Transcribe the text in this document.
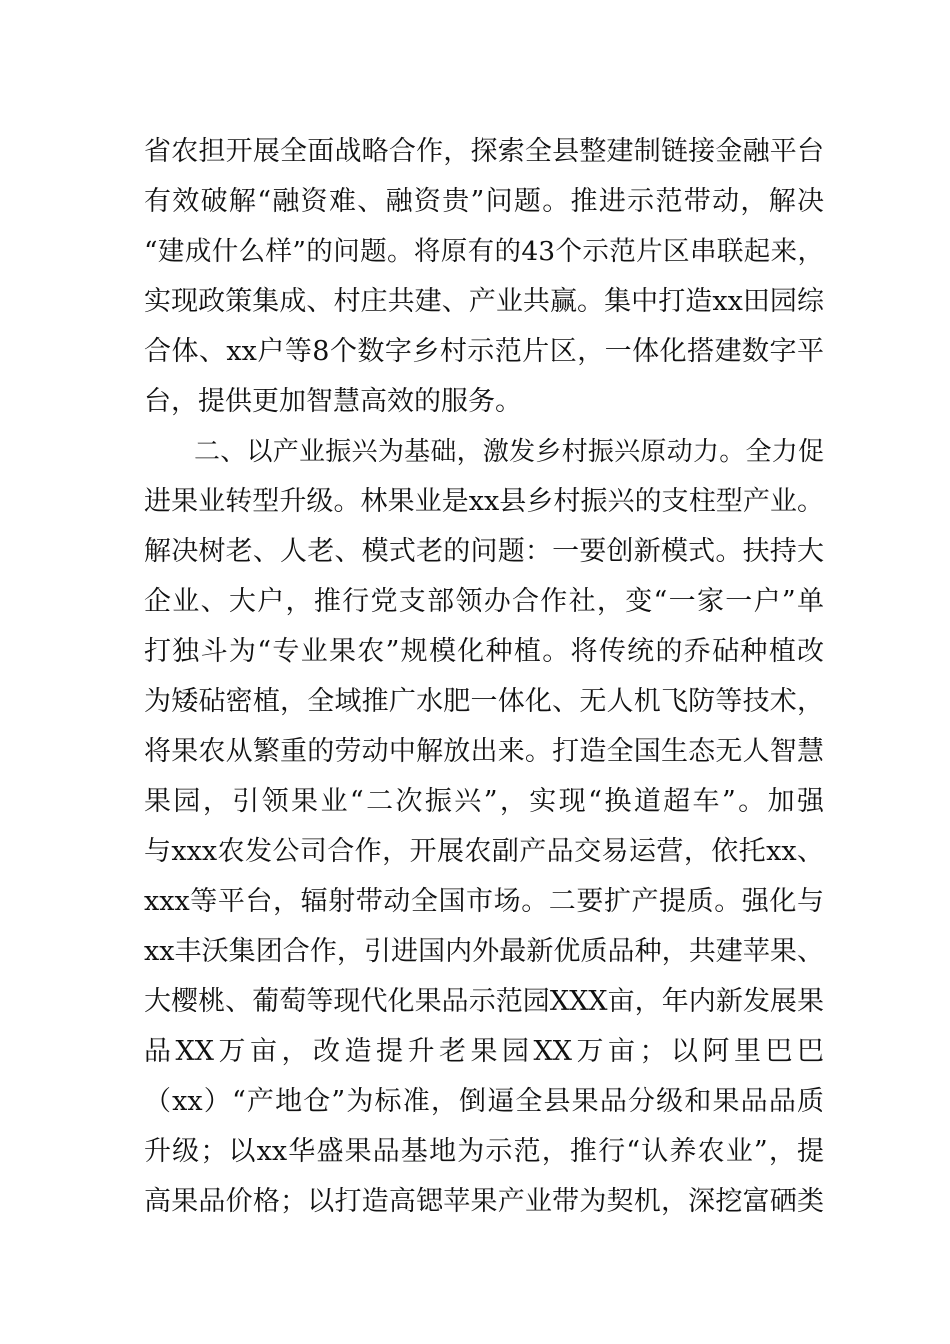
省农担开展全面战略合作，探索全县整建制链接金融平台
有效破解“融资难、融资贵”问题。推进示范带动，解决
“建成什么样”的问题。将原有的43个示范片区串联起来，
实现政策集成、村庄共建、产业共赢。集中打造xx田园综
合体、xx户等8个数字乡村示范片区，一体化搭建数字平
台，提供更加智慧高效的服务。
二、以产业振兴为基础，激发乡村振兴原动力。全力促
进果业转型升级。林果业是xx县乡村振兴的支柱型产业。
解决树老、人老、模式老的问题：一要创新模式。扶持大
企业、大户，推行党支部领办合作社，变“一家一户”单
打独斗为“专业果农”规模化种植。将传统的乔砧种植改
为矮砧密植，全域推广水肥一体化、无人机飞防等技术，
将果农从繁重的劳动中解放出来。打造全国生态无人智慧
果园，引领果业“二次振兴”，实现“换道超车”。加强
与xxx农发公司合作，开展农副产品交易运营，依托xx、
xxx等平台，辐射带动全国市场。二要扩产提质。强化与
xx丰沃集团合作，引进国内外最新优质品种，共建苹果、
大樱桃、葡萄等现代化果品示范园XXX亩，年内新发展果
品XX万亩，改造提升老果园XX万亩；以阿里巴巴
（xx）“产地仓”为标准，倒逼全县果品分级和果品品质
升级；以xx华盛果品基地为示范，推行“认养农业”，提
高果品价格；以打造高锶苹果产业带为契机，深挖富硒类
